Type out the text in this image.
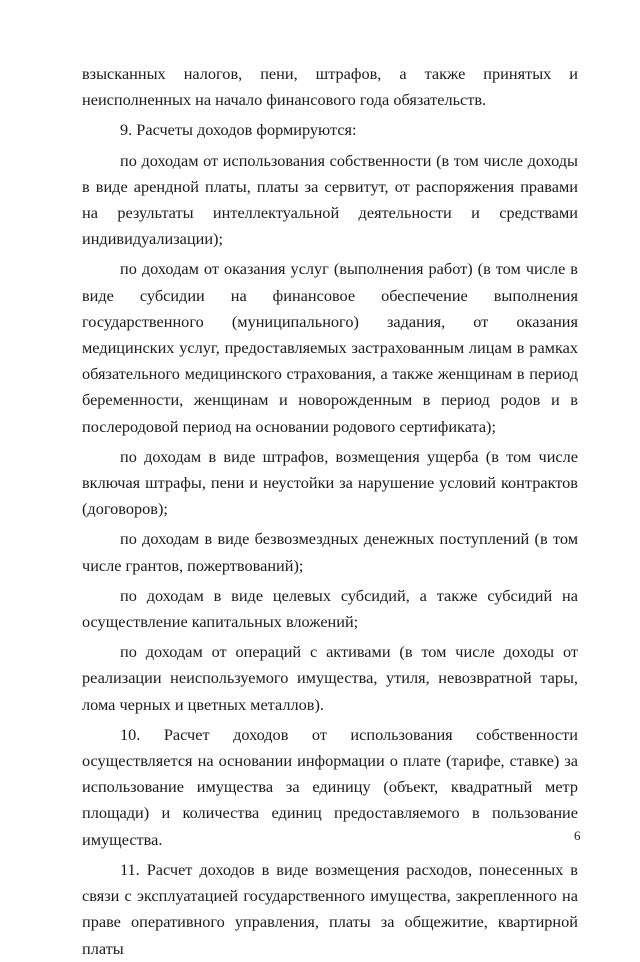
взысканных налогов, пени, штрафов, а также принятых и неисполненных на начало финансового года обязательств.

9. Расчеты доходов формируются:

по доходам от использования собственности (в том числе доходы в виде арендной платы, платы за сервитут, от распоряжения правами на результаты интеллектуальной деятельности и средствами индивидуализации);

по доходам от оказания услуг (выполнения работ) (в том числе в виде субсидии на финансовое обеспечение выполнения государственного (муниципального) задания, от оказания медицинских услуг, предоставляемых застрахованным лицам в рамках обязательного медицинского страхования, а также женщинам в период беременности, женщинам и новорожденным в период родов и в послеродовой период на основании родового сертификата);

по доходам в виде штрафов, возмещения ущерба (в том числе включая штрафы, пени и неустойки за нарушение условий контрактов (договоров);

по доходам в виде безвозмездных денежных поступлений (в том числе грантов, пожертвований);

по доходам в виде целевых субсидий, а также субсидий на осуществление капитальных вложений;

по доходам от операций с активами (в том числе доходы от реализации неиспользуемого имущества, утиля, невозвратной тары, лома черных и цветных металлов).

10. Расчет доходов от использования собственности осуществляется на основании информации о плате (тарифе, ставке) за использование имущества за единицу (объект, квадратный метр площади) и количества единиц предоставляемого в пользование имущества.

11. Расчет доходов в виде возмещения расходов, понесенных в связи с эксплуатацией государственного имущества, закрепленного на праве оперативного управления, платы за общежитие, квартирной платы

6
